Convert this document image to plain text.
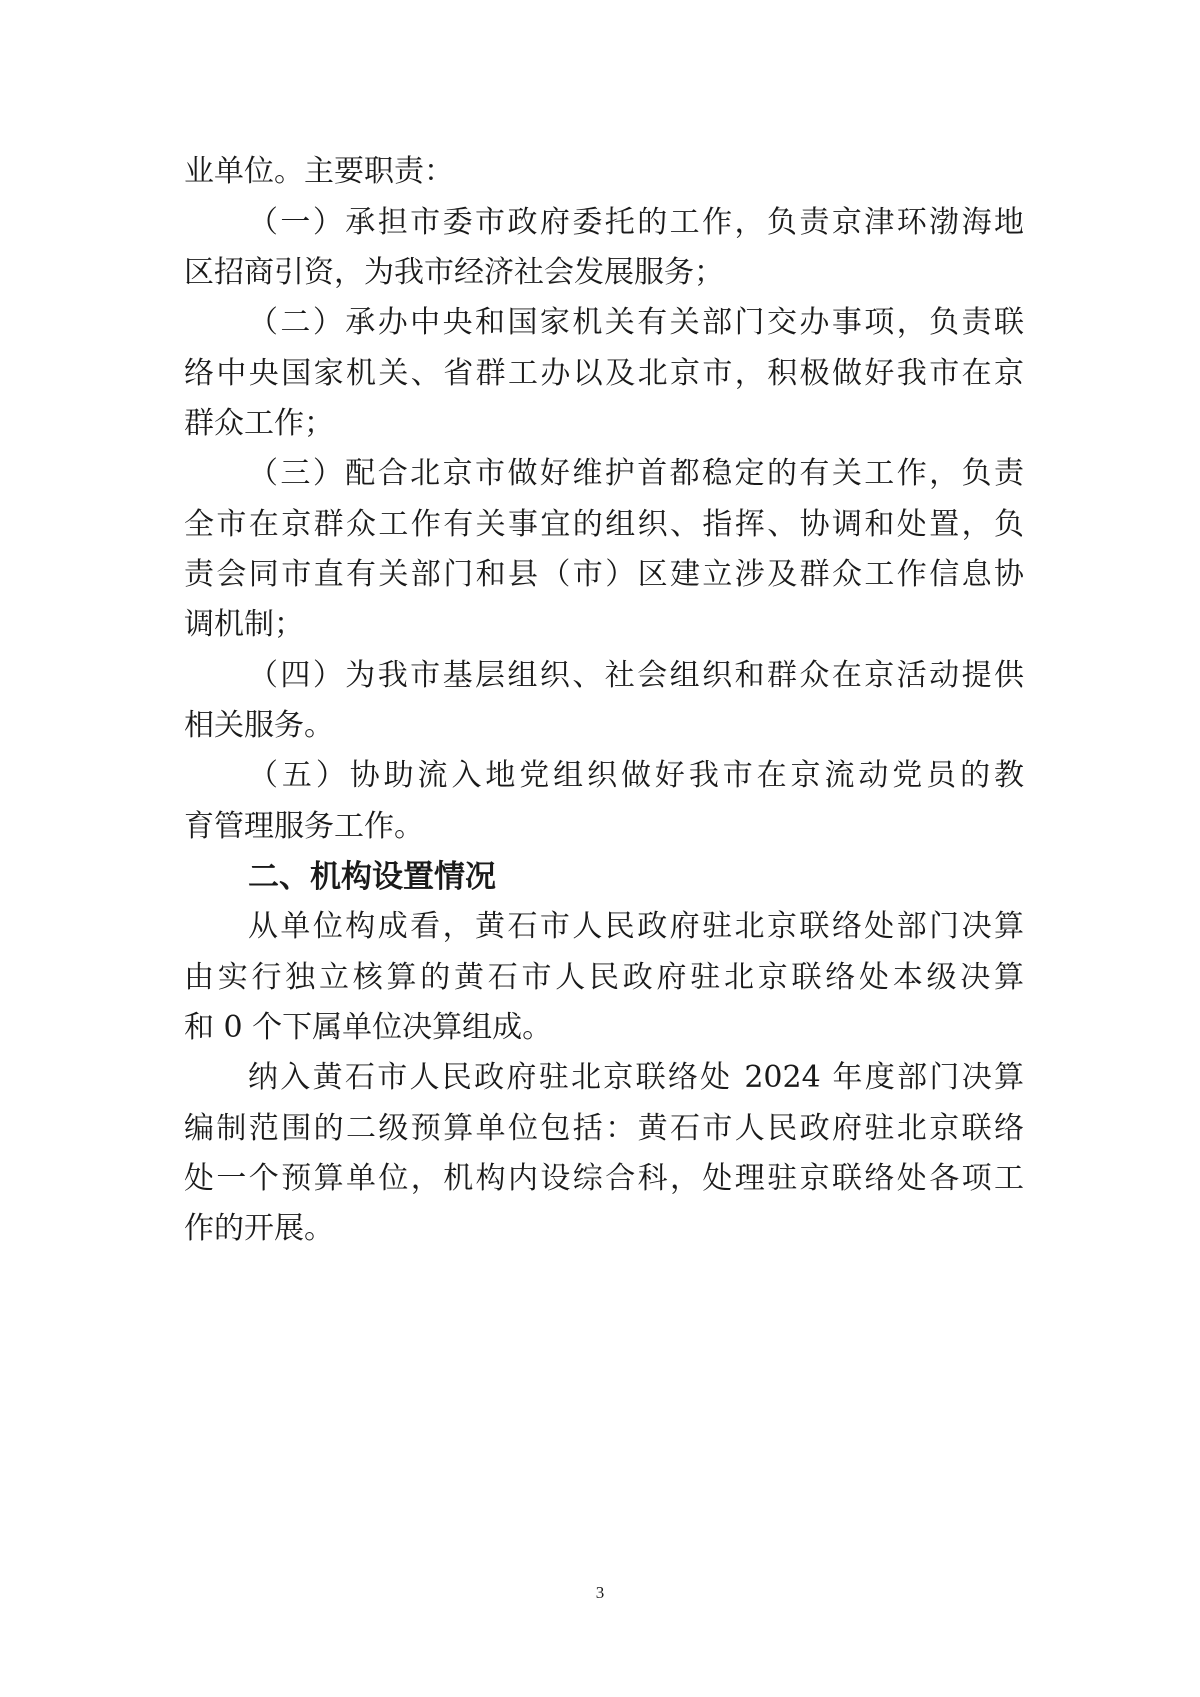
业单位。主要职责：
（一）承担市委市政府委托的工作，负责京津环渤海地
区招商引资，为我市经济社会发展服务；
（二）承办中央和国家机关有关部门交办事项，负责联
络中央国家机关、省群工办以及北京市，积极做好我市在京
群众工作；
（三）配合北京市做好维护首都稳定的有关工作，负责
全市在京群众工作有关事宜的组织、指挥、协调和处置，负
责会同市直有关部门和县（市）区建立涉及群众工作信息协
调机制；
（四）为我市基层组织、社会组织和群众在京活动提供
相关服务。
（五）协助流入地党组织做好我市在京流动党员的教
育管理服务工作。
二、机构设置情况
从单位构成看，黄石市人民政府驻北京联络处部门决算
由实行独立核算的黄石市人民政府驻北京联络处本级决算
和 0 个下属单位决算组成。
纳入黄石市人民政府驻北京联络处 2024 年度部门决算
编制范围的二级预算单位包括：黄石市人民政府驻北京联络
处一个预算单位，机构内设综合科，处理驻京联络处各项工
作的开展。
3
